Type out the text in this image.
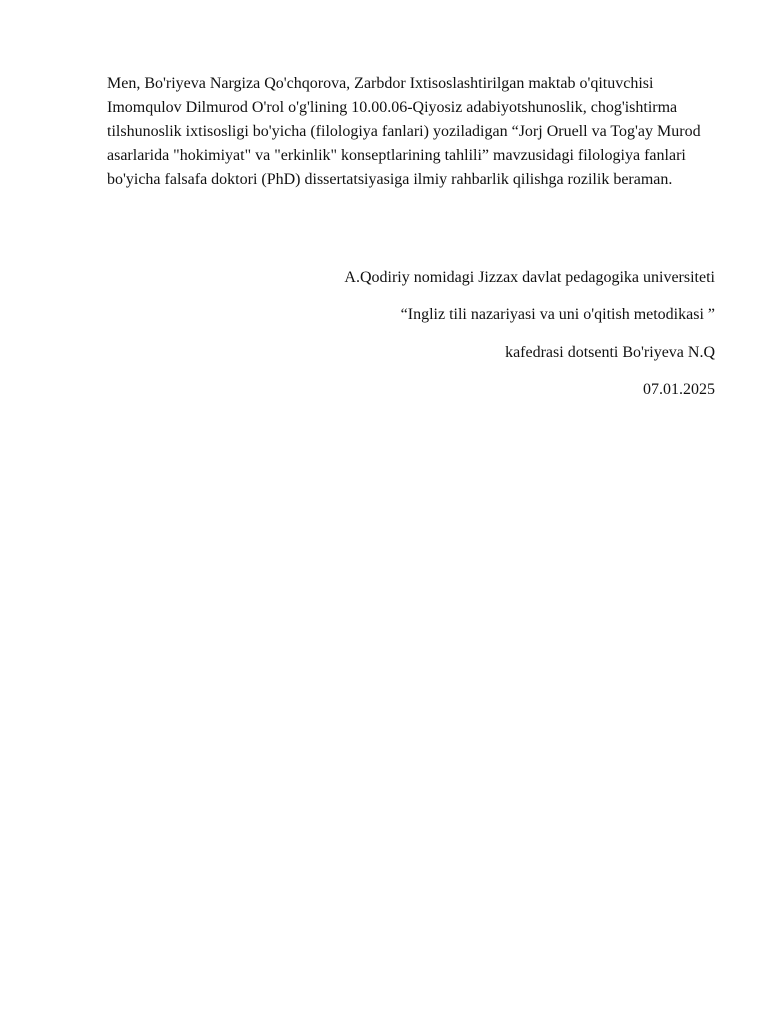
Men, Bo'riyeva Nargiza Qo'chqorova, Zarbdor Ixtisoslashtirilgan maktab o'qituvchisi Imomqulov Dilmurod O'rol o'g'lining 10.00.06-Qiyosiz adabiyotshunoslik, chog'ishtirma tilshunoslik ixtisosligi bo'yicha (filologiya fanlari) yoziladigan “Jorj Oruell va Tog'ay Murod asarlarida "hokimiyat" va "erkinlik" konseptlarining tahlili” mavzusidagi filologiya fanlari bo'yicha falsafa doktori (PhD) dissertatsiyasiga ilmiy rahbarlik qilishga rozilik beraman.

A.Qodiriy nomidagi Jizzax davlat pedagogika universiteti

“Ingliz tili nazariyasi va uni o'qitish metodikasi ”

kafedrasi dotsenti Bo'riyeva N.Q

07.01.2025
